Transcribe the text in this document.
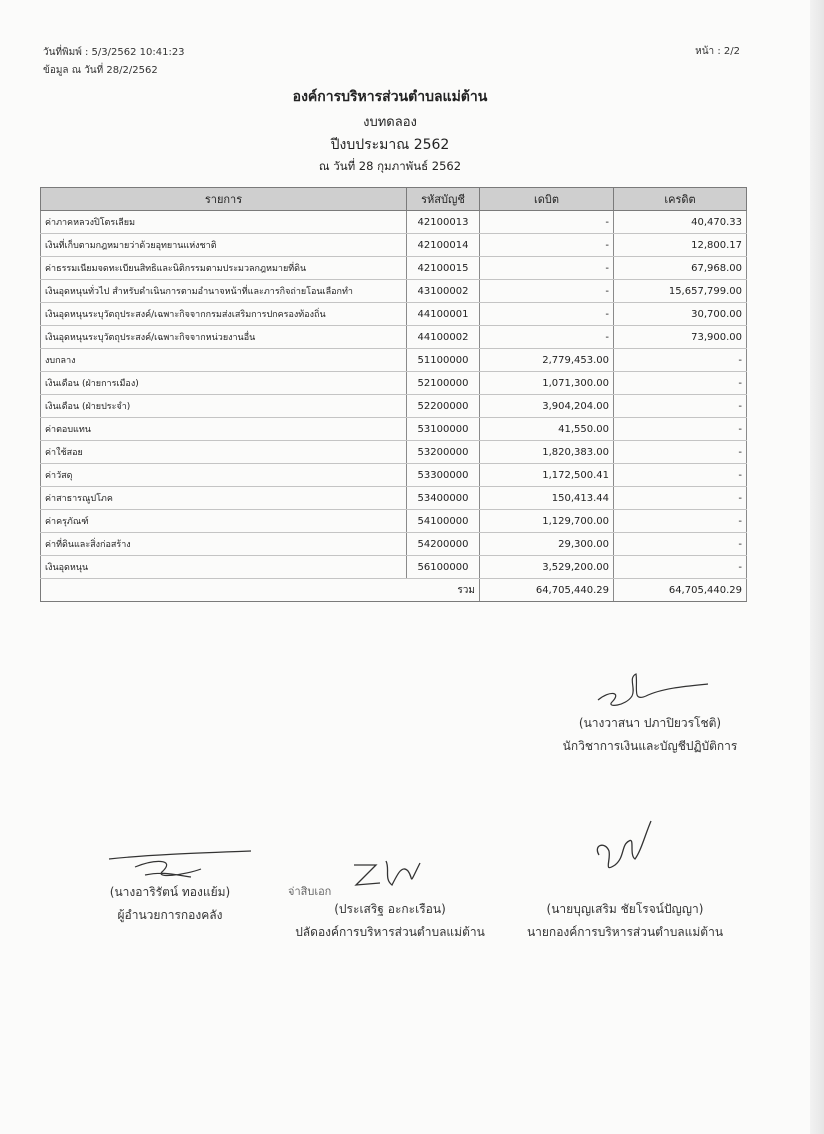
วันที่พิมพ์ : 5/3/2562 10:41:23
ข้อมูล ณ วันที่ 28/2/2562
หน้า : 2/2
องค์การบริหารส่วนตำบลแม่ต้าน
งบทดลอง
ปีงบประมาณ 2562
ณ วันที่ 28 กุมภาพันธ์ 2562
รายการ	รหัสบัญชี	เดบิต	เครดิต
ค่าภาคหลวงปิโตรเลียม	42100013	-	40,470.33
เงินที่เก็บตามกฎหมายว่าด้วยอุทยานแห่งชาติ	42100014	-	12,800.17
ค่าธรรมเนียมจดทะเบียนสิทธิและนิติกรรมตามประมวลกฎหมายที่ดิน	42100015	-	67,968.00
เงินอุดหนุนทั่วไป สำหรับดำเนินการตามอำนาจหน้าที่และภารกิจถ่ายโอนเลือกทำ	43100002	-	15,657,799.00
เงินอุดหนุนระบุวัตถุประสงค์/เฉพาะกิจจากกรมส่งเสริมการปกครองท้องถิ่น	44100001	-	30,700.00
เงินอุดหนุนระบุวัตถุประสงค์/เฉพาะกิจจากหน่วยงานอื่น	44100002	-	73,900.00
งบกลาง	51100000	2,779,453.00	-
เงินเดือน (ฝ่ายการเมือง)	52100000	1,071,300.00	-
เงินเดือน (ฝ่ายประจำ)	52200000	3,904,204.00	-
ค่าตอบแทน	53100000	41,550.00	-
ค่าใช้สอย	53200000	1,820,383.00	-
ค่าวัสดุ	53300000	1,172,500.41	-
ค่าสาธารณูปโภค	53400000	150,413.44	-
ค่าครุภัณฑ์	54100000	1,129,700.00	-
ค่าที่ดินและสิ่งก่อสร้าง	54200000	29,300.00	-
เงินอุดหนุน	56100000	3,529,200.00	-
รวม		64,705,440.29	64,705,440.29
(นางวาสนา ปภาปิยวรโชติ)
นักวิชาการเงินและบัญชีปฏิบัติการ
(นางอาริรัตน์ ทองแย้ม)
ผู้อำนวยการกองคลัง
จ่าสิบเอก
(ประเสริฐ อะกะเรือน)
ปลัดองค์การบริหารส่วนตำบลแม่ต้าน
(นายบุญเสริม ชัยโรจน์ปัญญา)
นายกองค์การบริหารส่วนตำบลแม่ต้าน
